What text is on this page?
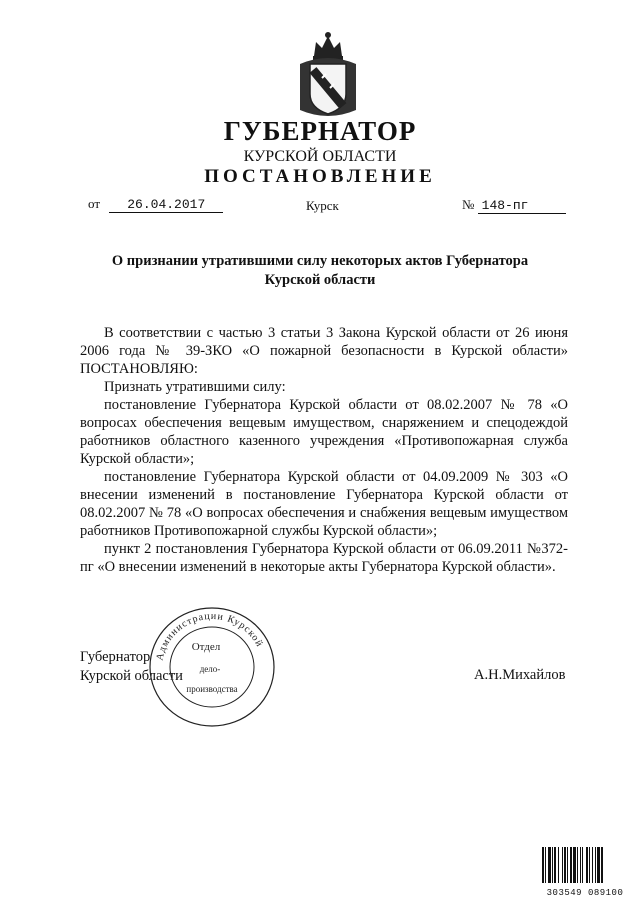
ГУБЕРНАТОР
КУРСКОЙ ОБЛАСТИ
ПОСТАНОВЛЕНИЕ
от 26.04.2017	Курск	№ 148-пг
О признании утратившими силу некоторых актов Губернатора
Курской области

В соответствии с частью 3 статьи 3 Закона Курской области от 26 июня 2006 года № 39-ЗКО «О пожарной безопасности в Курской области» ПОСТАНОВЛЯЮ:

Признать утратившими силу:

постановление Губернатора Курской области от 08.02.2007 № 78 «О вопросах обеспечения вещевым имуществом, снаряжением и спецодеждой работников областного казенного учреждения «Противопожарная служба Курской области»;

постановление Губернатора Курской области от 04.09.2009 № 303 «О внесении изменений в постановление Губернатора Курской области от 08.02.2007 № 78 «О вопросах обеспечения и снабжения вещевым имуществом работников Противопожарной службы Курской области»;

пункт 2 постановления Губернатора Курской области от 06.09.2011 №372-пг «О внесении изменений в некоторые акты Губернатора Курской области».

Губернатор
Курской области	А.Н.Михайлов
Администрации Курской
Отдел
дело-
производства
303549 089100
